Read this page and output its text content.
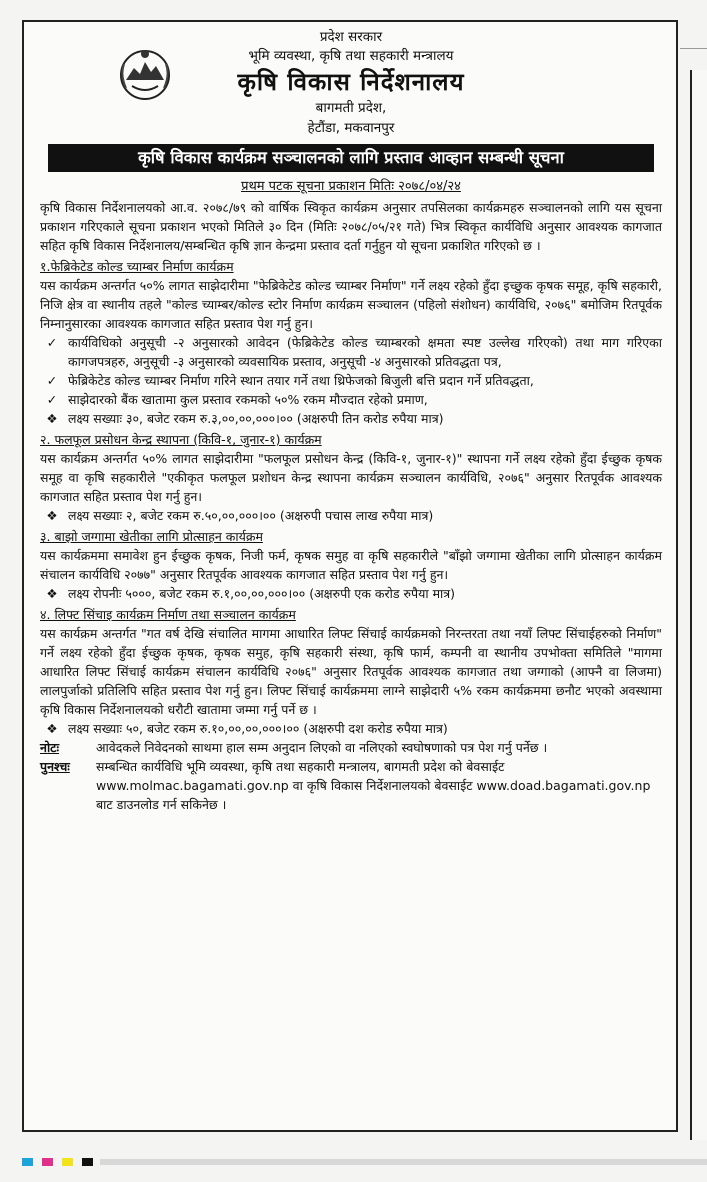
प्रदेश सरकार
भूमि व्यवस्था, कृषि तथा सहकारी मन्त्रालय
कृषि विकास निर्देशनालय
बागमती प्रदेश,
हेटौंडा, मकवानपुर
कृषि विकास कार्यक्रम सञ्चालनको लागि प्रस्ताव आव्हान सम्बन्धी सूचना
प्रथम पटक सूचना प्रकाशन मितिः २०७८/०४/२४

कृषि विकास निर्देशनालयको आ.व. २०७८/७९ को वार्षिक स्विकृत कार्यक्रम अनुसार तपसिलका कार्यक्रमहरु सञ्चालनको लागि यस सूचना प्रकाशन गरिएकाले सूचना प्रकाशन भएको मितिले ३० दिन (मितिः २०७८/०५/२१ गते) भित्र स्विकृत कार्यविधि अनुसार आवश्यक कागजात सहित कृषि विकास निर्देशनालय/सम्बन्धित कृषि ज्ञान केन्द्रमा प्रस्ताव दर्ता गर्नुहुन यो सूचना प्रकाशित गरिएको छ ।

१.फेब्रिकेटेड कोल्ड च्याम्बर निर्माण कार्यक्रम

यस कार्यक्रम अन्तर्गत ५०% लागत साझेदारीमा "फेब्रिकेटेड कोल्ड च्याम्बर निर्माण" गर्ने लक्ष्य रहेको हुँदा इच्छुक कृषक समूह, कृषि सहकारी, निजि क्षेत्र वा स्थानीय तहले "कोल्ड च्याम्बर/कोल्ड स्टोर निर्माण कार्यक्रम सञ्चालन (पहिलो संशोधन) कार्यविधि, २०७६" बमोजिम रितपूर्वक निम्नानुसारका आवश्यक कागजात सहित प्रस्ताव पेश गर्नु हुन।

✓ कार्यविधिको अनुसूची -२ अनुसारको आवेदन (फेब्रिकेटेड कोल्ड च्याम्बरको क्षमता स्पष्ट उल्लेख गरिएको) तथा माग गरिएका कागजपत्रहरु, अनुसूची -३ अनुसारको व्यवसायिक प्रस्ताव, अनुसूची -४ अनुसारको प्रतिवद्धता पत्र,
✓ फेब्रिकेटेड कोल्ड च्याम्बर निर्माण गरिने स्थान तयार गर्ने तथा थ्रिफेजको बिजुली बत्ति प्रदान गर्ने प्रतिवद्धता,
✓ साझेदारको बैंक खातामा कुल प्रस्ताव रकमको ५०% रकम मौज्दात रहेको प्रमाण,
❖ लक्ष्य सख्याः ३०, बजेट रकम रु.३,००,००,०००।०० (अक्षरुपी तिन करोड रुपैया मात्र)
२. फलफूल प्रसोधन केन्द्र स्थापना (किवि-१, जुनार-१) कार्यक्रम

यस कार्यक्रम अन्तर्गत ५०% लागत साझेदारीमा "फलफूल प्रसोधन केन्द्र (किवि-१, जुनार-१)" स्थापना गर्ने लक्ष्य रहेको हुँदा ईच्छुक कृषक समूह वा कृषि सहकारीले "एकीकृत फलफूल प्रशोधन केन्द्र स्थापना कार्यक्रम सञ्चालन कार्यविधि, २०७६" अनुसार रितपूर्वक आवश्यक कागजात सहित प्रस्ताव पेश गर्नु हुन।

❖ लक्ष्य सख्याः २, बजेट रकम रु.५०,००,०००।०० (अक्षरुपी पचास लाख रुपैया मात्र)
३. बाझो जग्गामा खेतीका लागि प्रोत्साहन कार्यक्रम

यस कार्यक्रममा समावेश हुन ईच्छुक कृषक, निजी फर्म, कृषक समुह वा कृषि सहकारीले "बाँझो जग्गामा खेतीका लागि प्रोत्साहन कार्यक्रम संचालन कार्यविधि २०७७" अनुसार रितपूर्वक आवश्यक कागजात सहित प्रस्ताव पेश गर्नु हुन।

❖ लक्ष्य रोपनीः ५०००, बजेट रकम रु.१,००,००,०००।०० (अक्षरुपी एक करोड रुपैया मात्र)
४. लिफ्ट सिंचाइ कार्यक्रम निर्माण तथा सञ्चालन कार्यक्रम

यस कार्यक्रम अन्तर्गत "गत वर्ष देखि संचालित मागमा आधारित लिफ्ट सिंचाई कार्यक्रमको निरन्तरता तथा नयाँ लिफ्ट सिंचाईहरुको निर्माण" गर्ने लक्ष्य रहेको हुँदा ईच्छुक कृषक, कृषक समुह, कृषि सहकारी संस्था, कृषि फार्म, कम्पनी वा स्थानीय उपभोक्ता समितिले "मागमा आधारित लिफ्ट सिंचाई कार्यक्रम संचालन कार्यविधि २०७६" अनुसार रितपूर्वक आवश्यक कागजात तथा जग्गाको (आफ्नै वा लिजमा) लालपुर्जाको प्रतिलिपि सहित प्रस्ताव पेश गर्नु हुन। लिफ्ट सिंचाई कार्यक्रममा लाग्ने साझेदारी ५% रकम कार्यक्रममा छनौट भएको अवस्थामा कृषि विकास निर्देशनालयको धरौटी खातामा जम्मा गर्नु पर्ने छ ।

❖ लक्ष्य सख्याः ५०, बजेट रकम रु.१०,००,००,०००।०० (अक्षरुपी दश करोड रुपैया मात्र)
नोटः	आवेदकले निवेदनको साथमा हाल सम्म अनुदान लिएको वा नलिएको स्वघोषणाको पत्र पेश गर्नु पर्नेछ ।
पुनश्चः सम्बन्धित कार्यविधि भूमि व्यवस्था, कृषि तथा सहकारी मन्त्रालय, बागमती प्रदेश को बेवसाईट www.molmac.bagamati.gov.np वा कृषि विकास निर्देशनालयको बेवसाईट www.doad.bagamati.gov.np बाट डाउनलोड गर्न सकिनेछ ।
